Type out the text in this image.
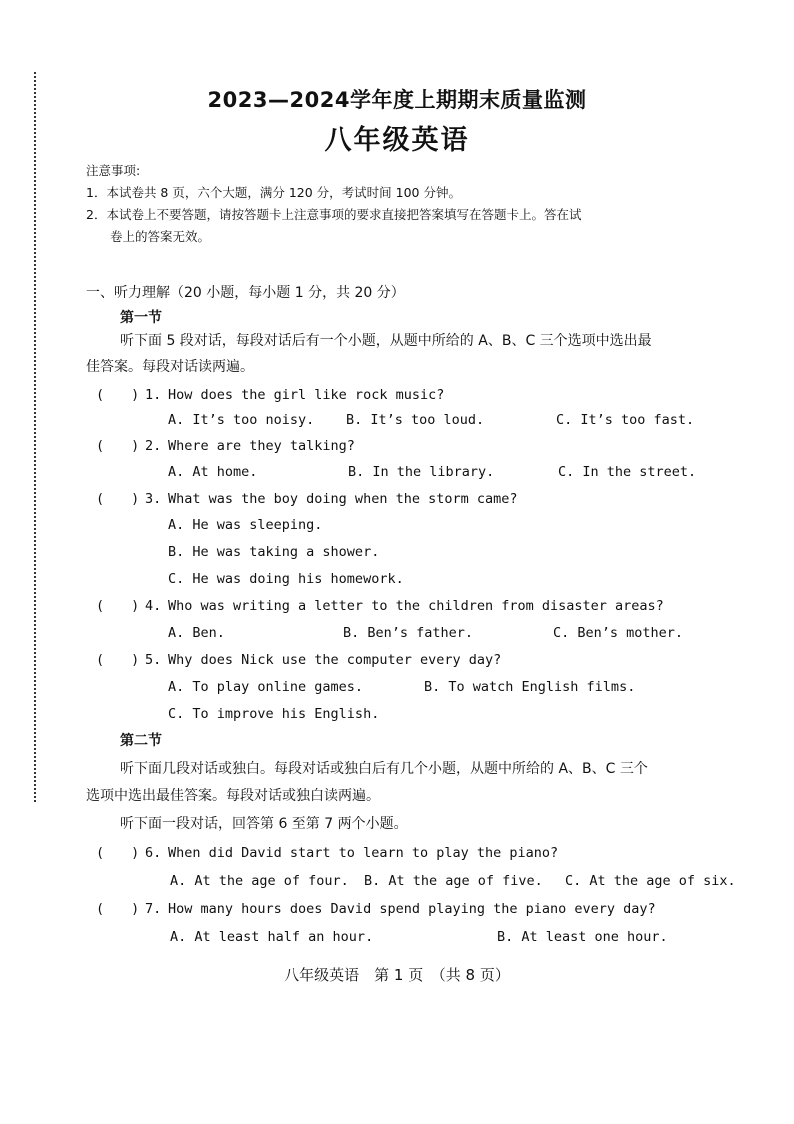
2023—2024学年度上期期末质量监测
八年级英语
注意事项:
1．本试卷共 8 页，六个大题，满分 120 分，考试时间 100 分钟。
2．本试卷上不要答题，请按答题卡上注意事项的要求直接把答案填写在答题卡上。答在试
卷上的答案无效。
一、听力理解（20 小题，每小题 1 分，共 20 分）
第一节
听下面 5 段对话，每段对话后有一个小题，从题中所给的 A、B、C 三个选项中选出最
佳答案。每段对话读两遍。
(　　) 1. How does the girl like rock music?
A. It’s too noisy. B. It’s too loud.	C. It’s too fast.
(　　) 2. Where are they talking?
A. At home.	B. In the library.	C. In the street.
(　　) 3. What was the boy doing when the storm came?
A. He was sleeping.
B. He was taking a shower.
C. He was doing his homework.
(　　) 4. Who was writing a letter to the children from disaster areas?
A. Ben.	B. Ben’s father.	C. Ben’s mother.
(　　) 5. Why does Nick use the computer every day?
A. To play online games.	B. To watch English films.
C. To improve his English.
第二节
听下面几段对话或独白。每段对话或独白后有几个小题，从题中所给的 A、B、C 三个
选项中选出最佳答案。每段对话或独白读两遍。
听下面一段对话，回答第 6 至第 7 两个小题。
(　　) 6. When did David start to learn to play the piano?
A. At the age of four. B. At the age of five. C. At the age of six.
(　　) 7. How many hours does David spend playing the piano every day?
A. At least half an hour.	B. At least one hour.
八年级英语　第 1 页　（共 8 页）
